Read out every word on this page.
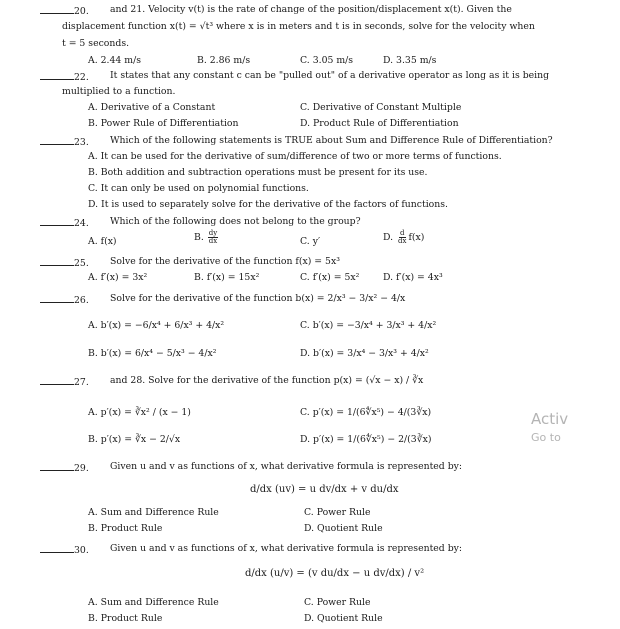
20. and 21. Velocity v(t) is the rate of change of the position/displacement x(t). Given the
displacement function x(t) = √t³ where x is in meters and t is in seconds, solve for the velocity when
t = 5 seconds.
A. 2.44 m/s	B. 2.86 m/s	C. 3.05 m/s	D. 3.35 m/s
22. It states that any constant c can be "pulled out" of a derivative operator as long as it is being
multiplied to a function.
A. Derivative of a Constant	C. Derivative of Constant Multiple
B. Power Rule of Differentiation	D. Product Rule of Differentiation
23. Which of the following statements is TRUE about Sum and Difference Rule of Differentiation?
A. It can be used for the derivative of sum/difference of two or more terms of functions.
B. Both addition and subtraction operations must be present for its use.
C. It can only be used on polynomial functions.
D. It is used to separately solve for the derivative of the factors of functions.
24. Which of the following does not belong to the group?
A. f(x)	B. $\frac{dy}{dx}$	C. y′	D. $\frac{d}{dx} f(x)$
25. Solve for the derivative of the function f(x) = 5x³
A. f′(x) = 3x²	B. f′(x) = 15x²	C. f′(x) = 5x²	D. f′(x) = 4x³
26. Solve for the derivative of the function b(x) = 2/x³ − 3/x² − 4/x
A. b′(x) = −6/x⁴ + 6/x³ + 4/x²	C. b′(x) = −3/x⁴ + 3/x³ + 4/x²
B. b′(x) = 6/x⁴ − 5/x³ − 4/x²	D. b′(x) = 3/x⁴ − 3/x³ + 4/x²
27. and 28. Solve for the derivative of the function p(x) = (√x − x) / ∛x
A. p′(x) = ∛x² / (x − 1)	C. p′(x) = 1/(6∜x⁵) − 4/(3∛x)
B. p′(x) = ∛x − 2/√x	D. p′(x) = 1/(6∜x⁵) − 2/(3∛x)
29. Given u and v as functions of x, what derivative formula is represented by:
d/dx (uv) = u dv/dx + v du/dx
A. Sum and Difference Rule	C. Power Rule
B. Product Rule	D. Quotient Rule
30. Given u and v as functions of x, what derivative formula is represented by:
d/dx (u/v) = (v du/dx − u dv/dx) / v²
A. Sum and Difference Rule	C. Power Rule
B. Product Rule	D. Quotient Rule
Activ
Go to
